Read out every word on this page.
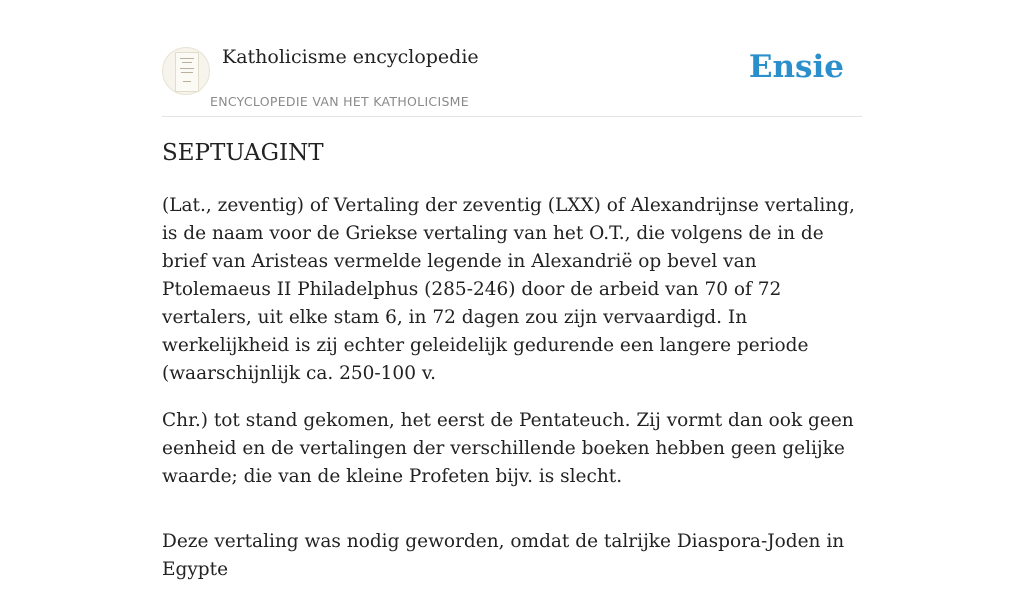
Katholicisme encyclopedie
ENCYCLOPEDIE VAN HET KATHOLICISME
Ensie
SEPTUAGINT

(Lat., zeventig) of Vertaling der zeventig (LXX) of Alexandrijnse vertaling, is de naam voor de Griekse vertaling van het O.T., die volgens de in de brief van Aristeas vermelde legende in Alexandrië op bevel van Ptolemaeus II Philadelphus (285-246) door de arbeid van 70 of 72 vertalers, uit elke stam 6, in 72 dagen zou zijn vervaardigd. In werkelijkheid is zij echter geleidelijk gedurende een langere periode (waarschijnlijk ca. 250-100 v.

Chr.) tot stand gekomen, het eerst de Pentateuch. Zij vormt dan ook geen eenheid en de vertalingen der verschillende boeken hebben geen gelijke waarde; die van de kleine Profeten bijv. is slecht.

Deze vertaling was nodig geworden, omdat de talrijke Diaspora-Joden in Egypte
